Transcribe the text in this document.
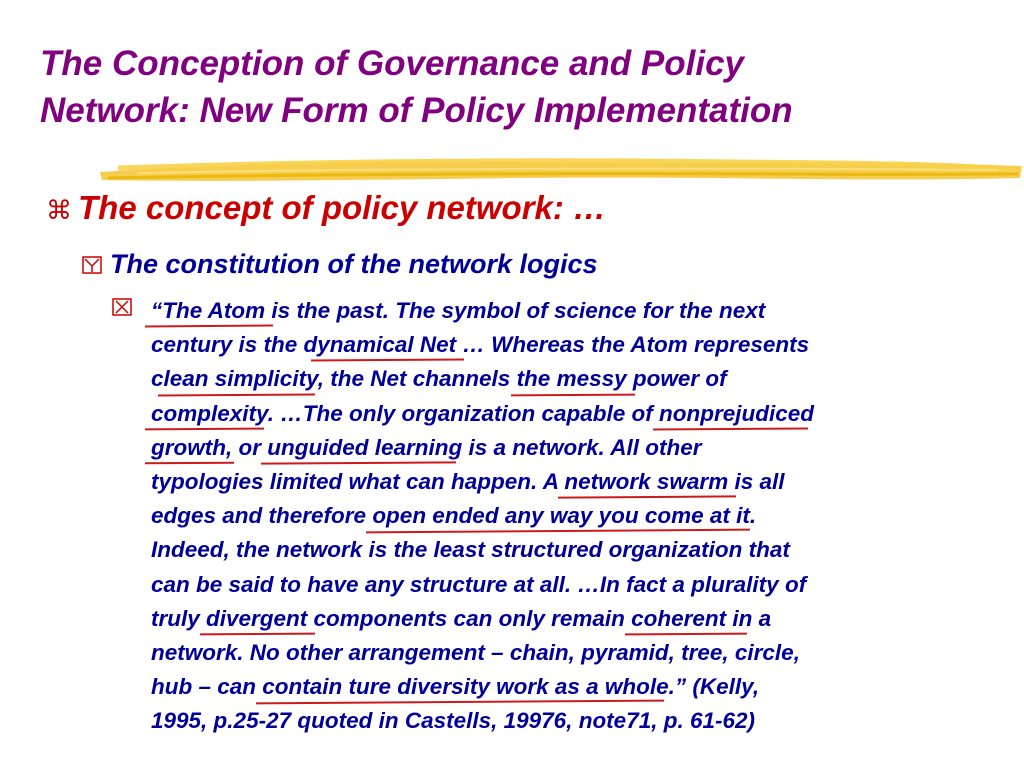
The Conception of Governance and Policy
Network: New Form of Policy Implementation
⌘ The concept of policy network: …
The constitution of the network logics
“The Atom is the past. The symbol of science for the next
century is the dynamical Net … Whereas the Atom represents
clean simplicity, the Net channels the messy power of
complexity. …The only organization capable of nonprejudiced
growth, or unguided learning is a network. All other
typologies limited what can happen. A network swarm is all
edges and therefore open ended any way you come at it.
Indeed, the network is the least structured organization that
can be said to have any structure at all. …In fact a plurality of
truly divergent components can only remain coherent in a
network. No other arrangement – chain, pyramid, tree, circle,
hub – can contain ture diversity work as a whole.” (Kelly,
1995, p.25-27 quoted in Castells, 19976, note71, p. 61-62)
